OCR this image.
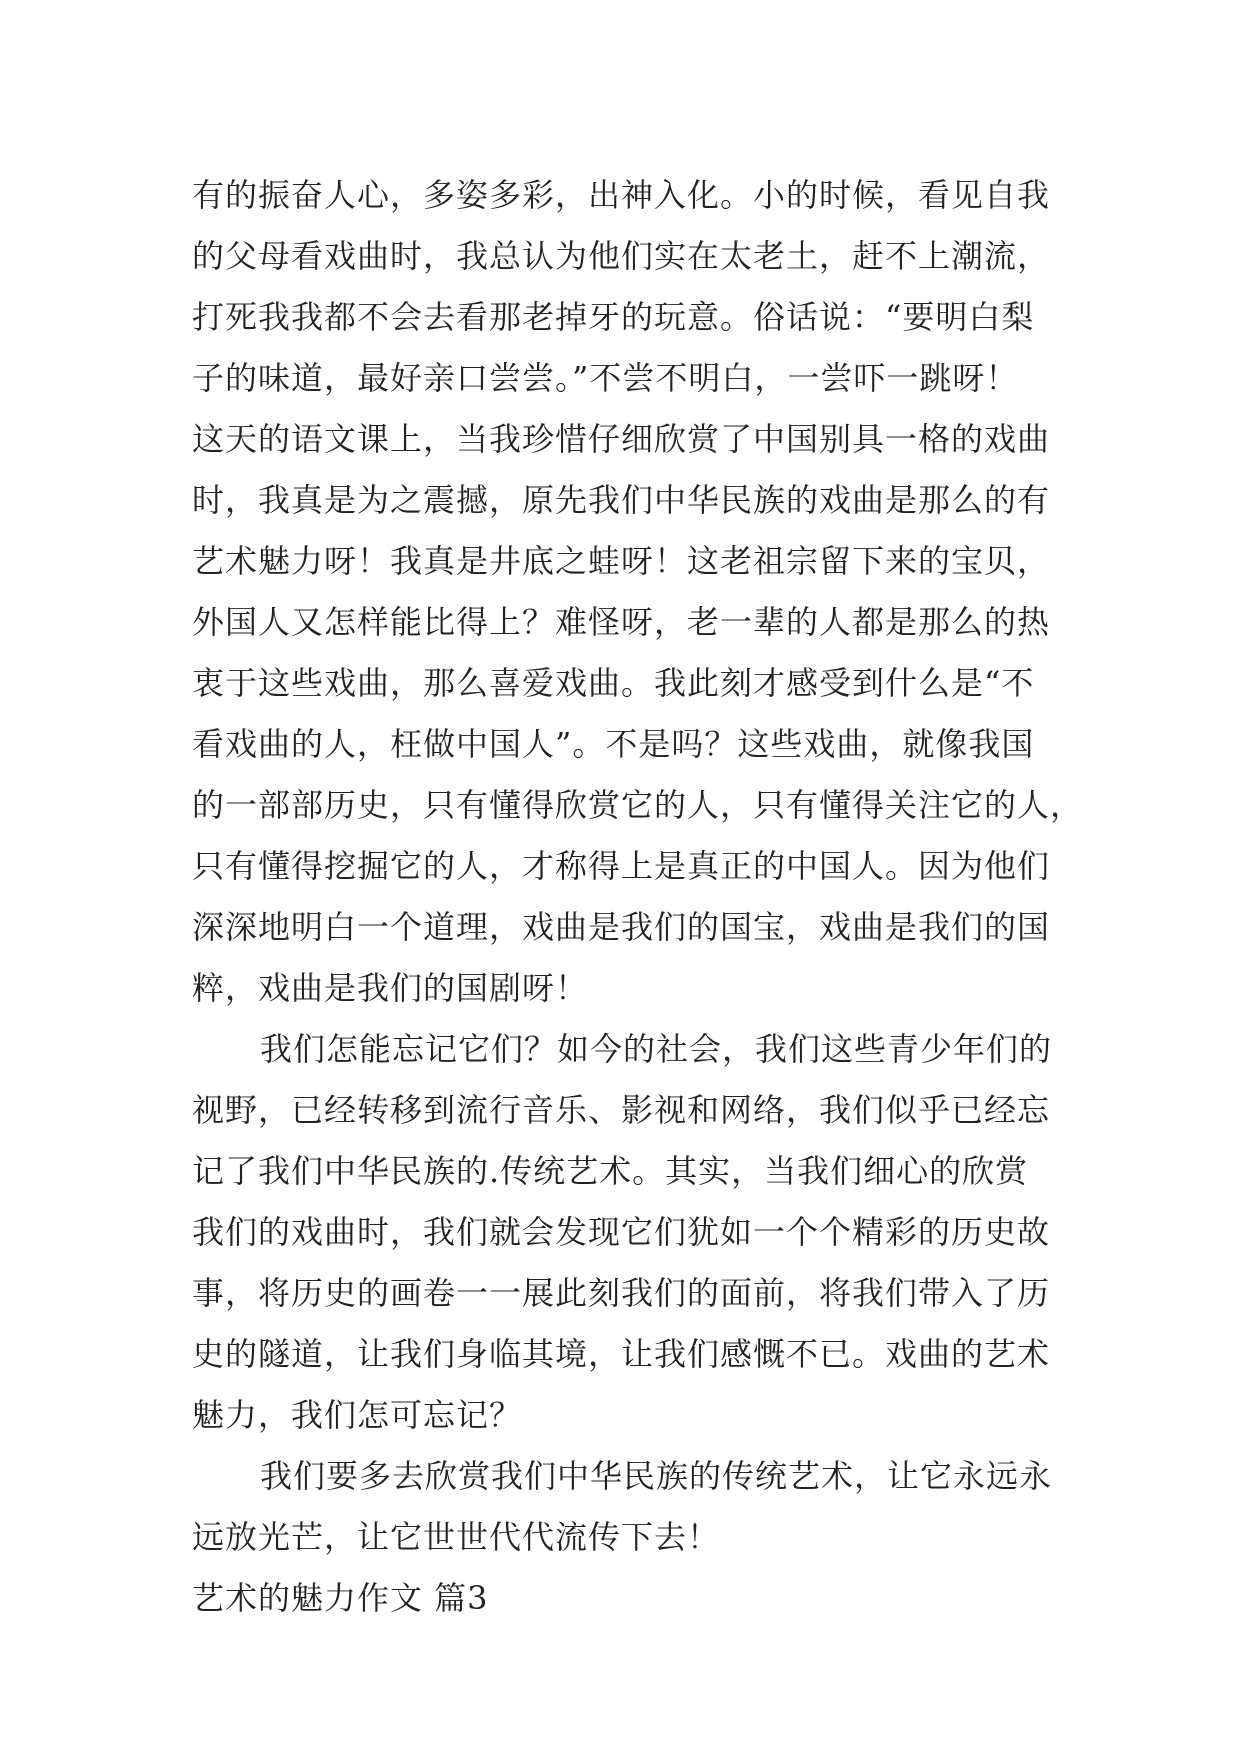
有的振奋人心，多姿多彩，出神入化。小的时候，看见自我
的父母看戏曲时，我总认为他们实在太老土，赶不上潮流，
打死我我都不会去看那老掉牙的玩意。俗话说：“要明白梨
子的味道，最好亲口尝尝。”不尝不明白，一尝吓一跳呀！
这天的语文课上，当我珍惜仔细欣赏了中国别具一格的戏曲
时，我真是为之震撼，原先我们中华民族的戏曲是那么的有
艺术魅力呀！我真是井底之蛙呀！这老祖宗留下来的宝贝，
外国人又怎样能比得上？难怪呀，老一辈的人都是那么的热
衷于这些戏曲，那么喜爱戏曲。我此刻才感受到什么是“不
看戏曲的人，枉做中国人”。不是吗？这些戏曲，就像我国
的一部部历史，只有懂得欣赏它的人，只有懂得关注它的人，
只有懂得挖掘它的人，才称得上是真正的中国人。因为他们
深深地明白一个道理，戏曲是我们的国宝，戏曲是我们的国
粹，戏曲是我们的国剧呀！
我们怎能忘记它们？如今的社会，我们这些青少年们的
视野，已经转移到流行音乐、影视和网络，我们似乎已经忘
记了我们中华民族的.传统艺术。其实，当我们细心的欣赏
我们的戏曲时，我们就会发现它们犹如一个个精彩的历史故
事，将历史的画卷一一展此刻我们的面前，将我们带入了历
史的隧道，让我们身临其境，让我们感慨不已。戏曲的艺术
魅力，我们怎可忘记？
我们要多去欣赏我们中华民族的传统艺术，让它永远永
远放光芒，让它世世代代流传下去！
艺术的魅力作文 篇3
